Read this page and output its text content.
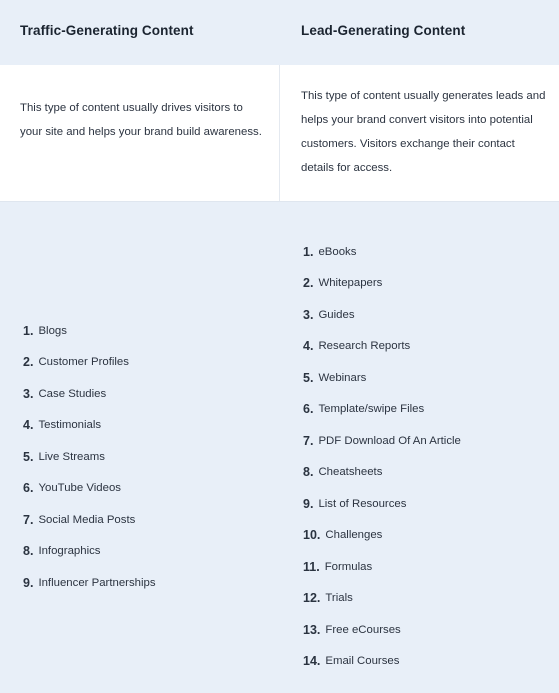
Traffic-Generating Content	Lead-Generating Content
This type of content usually drives visitors to your site and helps your brand build awareness.
This type of content usually generates leads and helps your brand convert visitors into potential customers. Visitors exchange their contact details for access.
1. Blogs
2. Customer Profiles
3. Case Studies
4. Testimonials
5. Live Streams
6. YouTube Videos
7. Social Media Posts
8. Infographics
9. Influencer Partnerships
1. eBooks
2. Whitepapers
3. Guides
4. Research Reports
5. Webinars
6. Template/swipe Files
7. PDF Download Of An Article
8. Cheatsheets
9. List of Resources
10. Challenges
11. Formulas
12. Trials
13. Free eCourses
14. Email Courses
